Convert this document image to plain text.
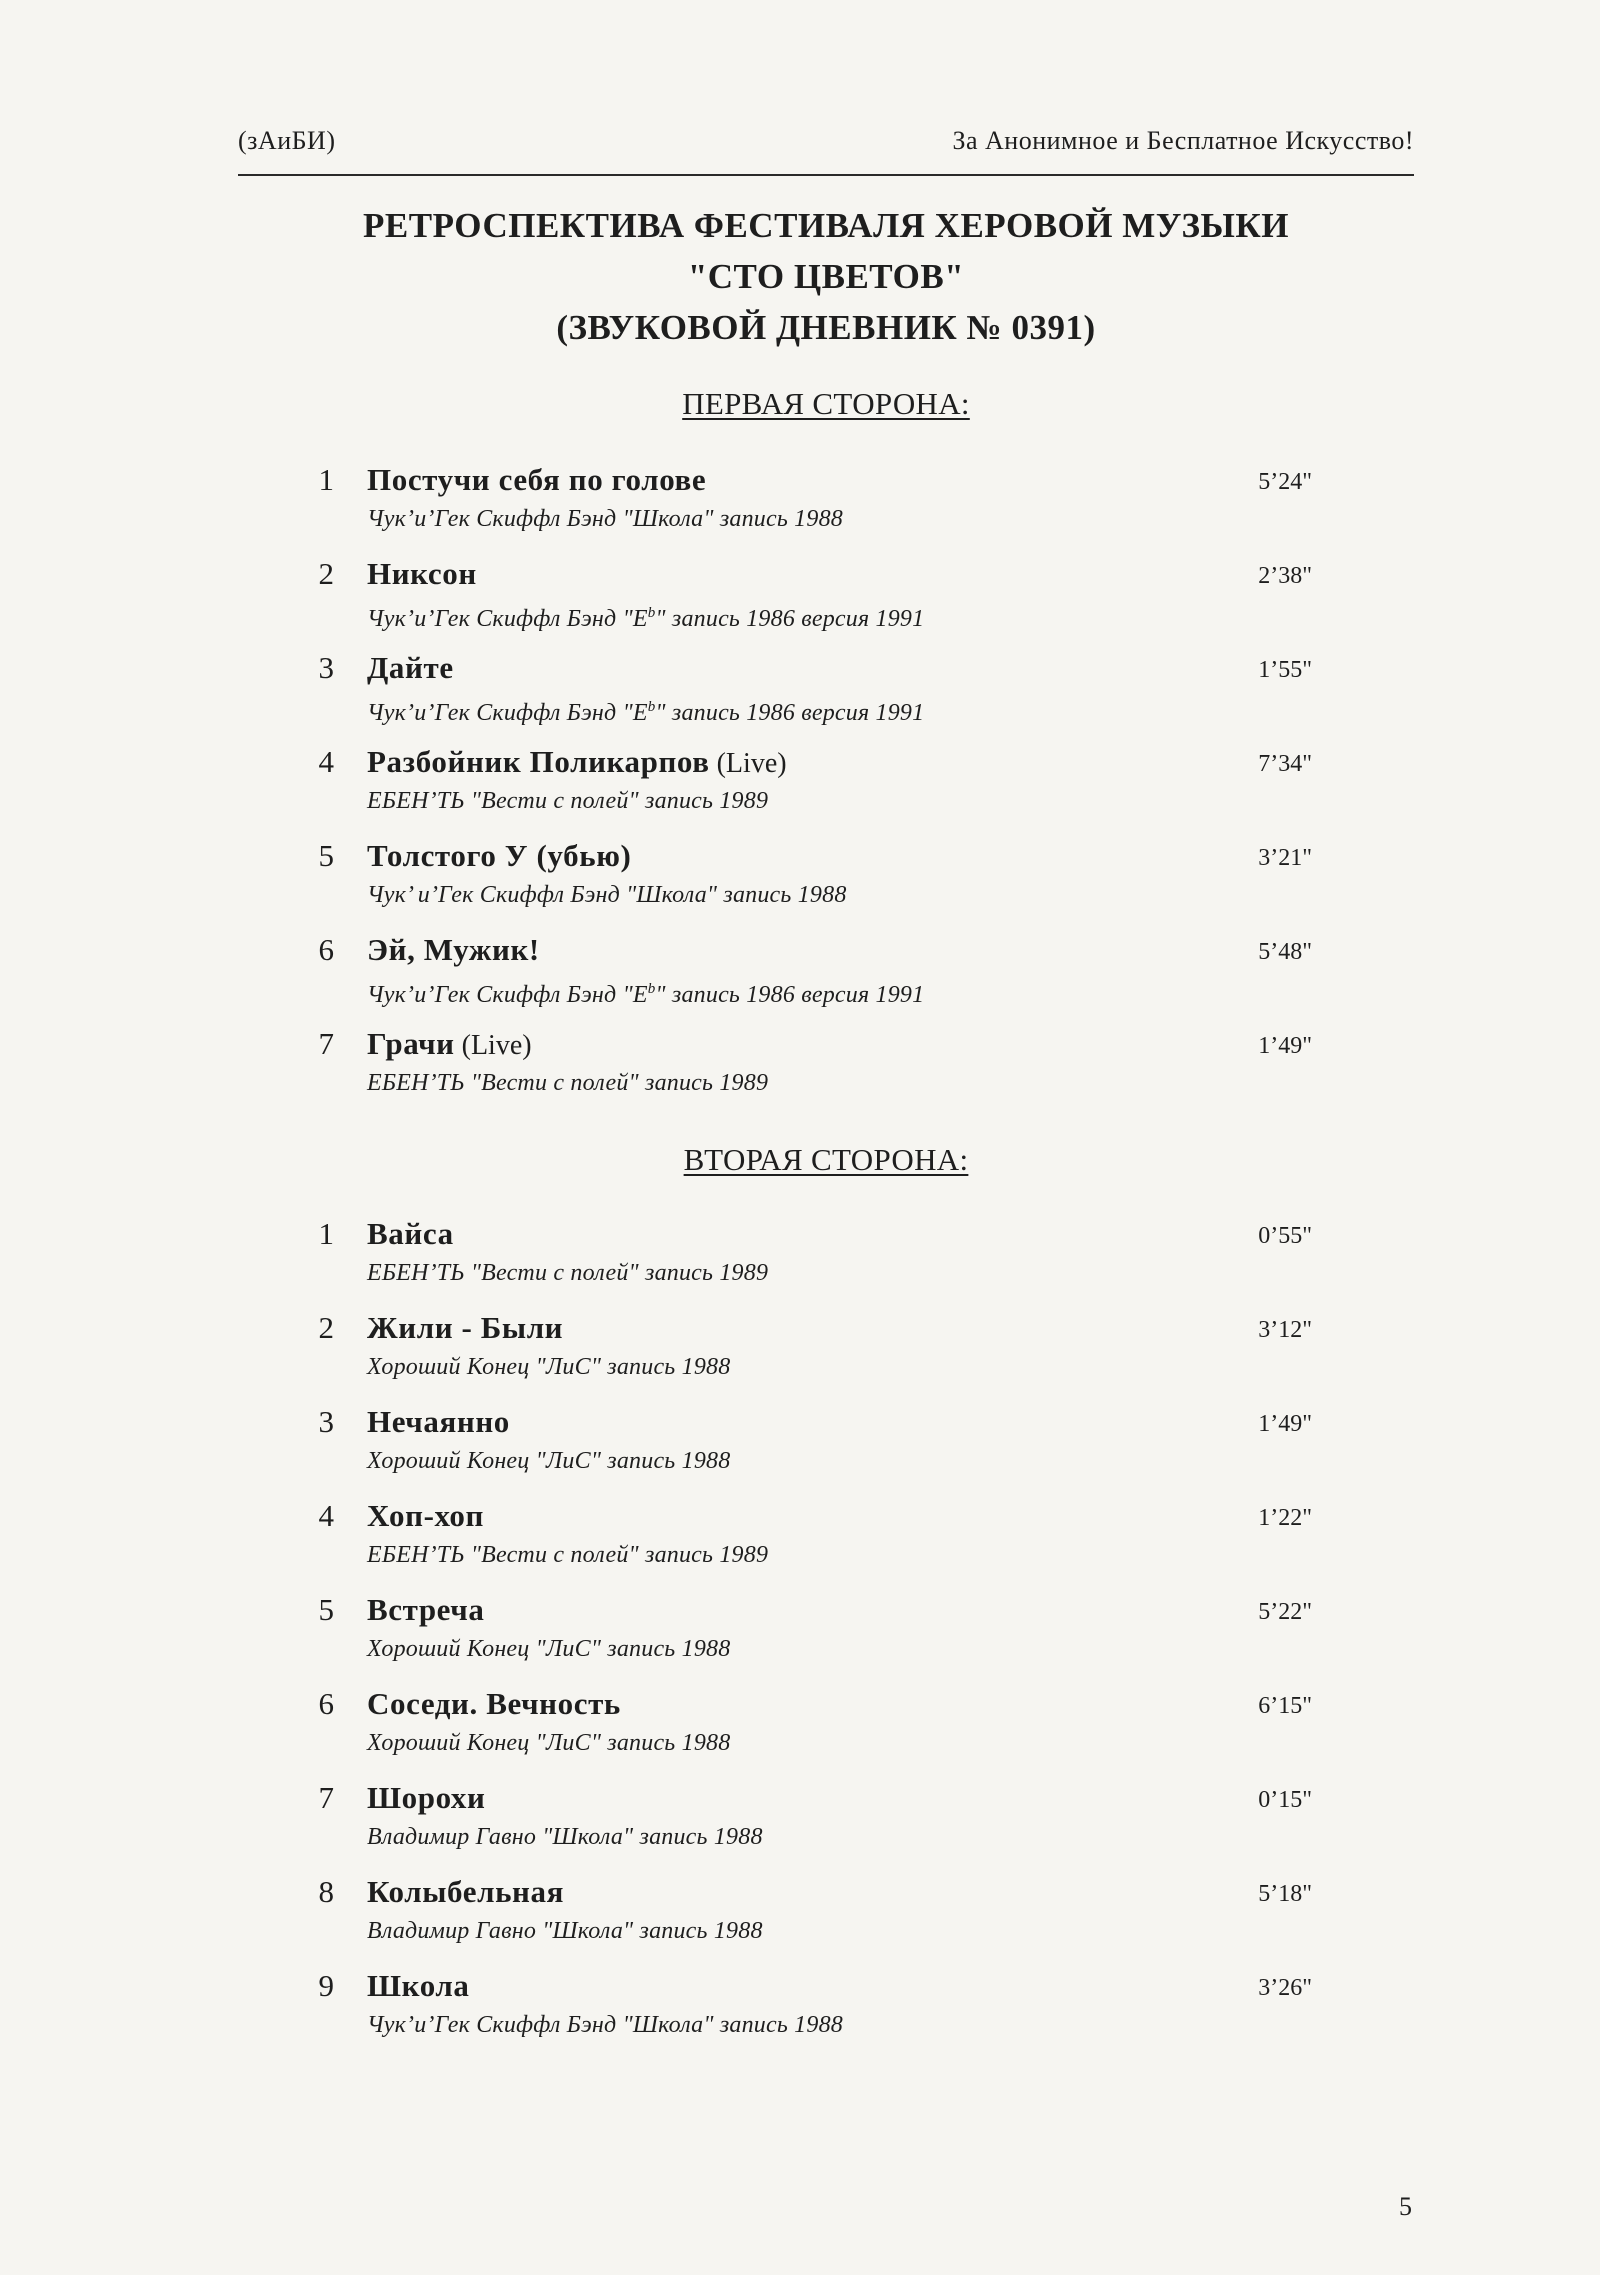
(зАиБИ)	За Анонимное и Бесплатное Искусство!
РЕТРОСПЕКТИВА ФЕСТИВАЛЯ ХЕРОВОЙ МУЗЫКИ
"СТО ЦВЕТОВ"
(ЗВУКОВОЙ ДНЕВНИК № 0391)
ПЕРВАЯ СТОРОНА:
1 Постучи себя по голове	5’24"
Чук’и’Гек Скиффл Бэнд "Школа" запись 1988
2 Никсон	2’38"
Чук’и’Гек Скиффл Бэнд "$E^b$" запись 1986 версия 1991
3 Дайте	1’55"
Чук’и’Гек Скиффл Бэнд "$E^b$" запись 1986 версия 1991
4 Разбойник Поликарпов (Live)	7’34"
ЕБЕН’ТЬ "Вести с полей" запись 1989
5 Толстого У (убью)	3’21"
Чук’ и’Гек Скиффл Бэнд "Школа" запись 1988
6 Эй, Мужик!	5’48"
Чук’и’Гек Скиффл Бэнд "$E^b$" запись 1986 версия 1991
7 Грачи (Live)	1’49"
ЕБЕН’ТЬ "Вести с полей" запись 1989
ВТОРАЯ СТОРОНА:
1 Вайса	0’55"
ЕБЕН’ТЬ "Вести с полей" запись 1989
2 Жили - Были	3’12"
Хороший Конец "ЛиС" запись 1988
3 Нечаянно	1’49"
Хороший Конец "ЛиС" запись 1988
4 Хоп-хоп	1’22"
ЕБЕН’ТЬ "Вести с полей" запись 1989
5 Встреча	5’22"
Хороший Конец "ЛиС" запись 1988
6 Соседи. Вечность	6’15"
Хороший Конец "ЛиС" запись 1988
7 Шорохи	0’15"
Владимир Гавно "Школа" запись 1988
8 Колыбельная	5’18"
Владимир Гавно "Школа" запись 1988
9 Школа	3’26"
Чук’и’Гек Скиффл Бэнд "Школа" запись 1988
5
